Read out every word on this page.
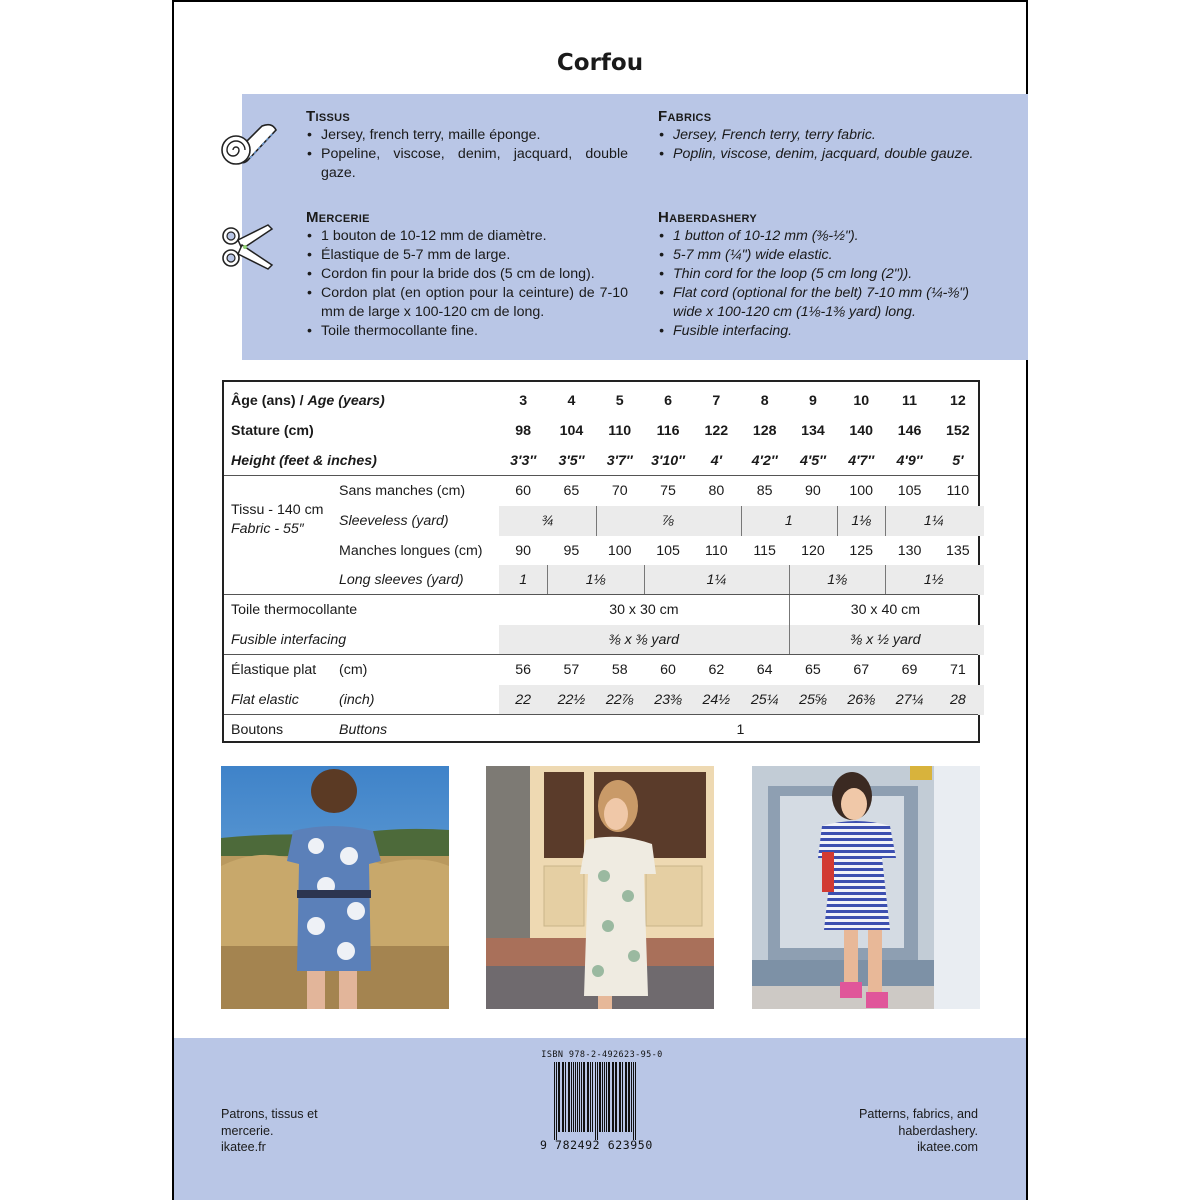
Corfou
Tissus
• Jersey, french terry, maille éponge.
• Popeline, viscose, denim, jacquard, double gaze.
Fabrics
• Jersey, French terry, terry fabric.
• Poplin, viscose, denim, jacquard, double gauze.
Mercerie
• 1 bouton de 10-12 mm de diamètre.
• Élastique de 5-7 mm de large.
• Cordon fin pour la bride dos (5 cm de long).
• Cordon plat (en option pour la ceinture) de 7-10 mm de large x 100-120 cm de long.
• Toile thermocollante fine.
Haberdashery
• 1 button of 10-12 mm (⅜-½").
• 5-7 mm (¼") wide elastic.
• Thin cord for the loop (5 cm long (2")).
• Flat cord (optional for the belt) 7-10 mm (¼-⅜") wide x 100-120 cm (1⅛-1⅜ yard) long.
• Fusible interfacing.
Âge (ans) / Age (years)	3	4	5	6	7	8	9	10	11	12
Stature (cm)	98	104	110	116	122	128	134	140	146	152
Height (feet & inches)	3′3″	3′5″	3′7″	3′10″	4′	4′2″	4′5″	4′7″	4′9″	5′
Sans manches (cm)	60	65	70	75	80	85	90	100	105	110
Sleeveless (yard)	¾	⅞	1	1⅛	1¼
Manches longues (cm)	90	95	100	105	110	115	120	125	130	135
Long sleeves (yard)	1	1⅛	1¼	1⅜	1½
Tissu - 140 cm
Fabric - 55″
Toile thermocollante	30 x 30 cm	30 x 40 cm
Fusible interfacing	⅜ x ⅜ yard	⅜ x ½ yard
Élastique plat (cm)	56	57	58	60	62	64	65	67	69	71
Flat elastic	(inch)	22	22½	22⅞	23⅜	24½	25¼	25⅝	26⅜	27¼	28
Boutons	Buttons	1
Patrons, tissus et
mercerie.
ikatee.fr
ISBN 978-2-492623-95-0
9 782492 623950
Patterns, fabrics, and
haberdashery.
ikatee.com
